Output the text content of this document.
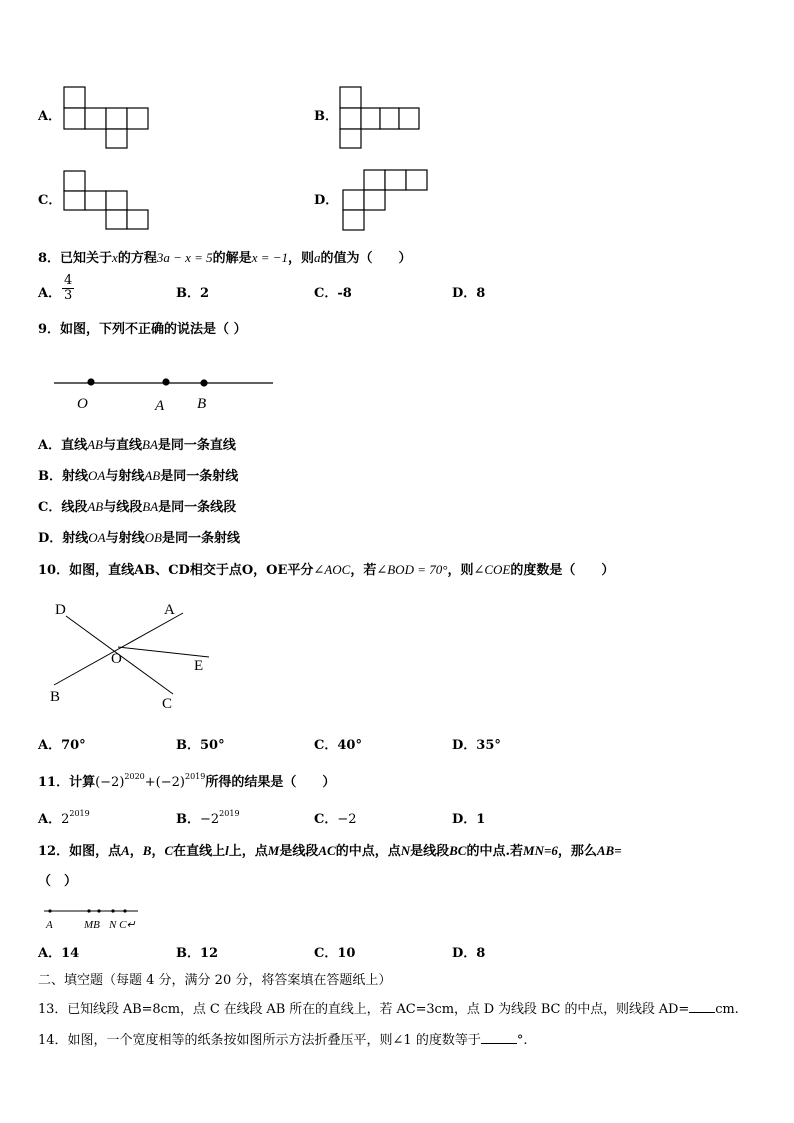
A．	B．
C．	D．
8．已知关于x的方程3a − x = 5的解是x = −1，则a的值为（　　）
A． $\frac{4}{3}$	B．2	C．-8	D．8
9．如图，下列不正确的说法是（ ）
O	A B
A．直线AB与直线BA是同一条直线
B．射线OA与射线AB是同一条射线
C．线段AB与线段BA是同一条线段
D．射线OA与射线OB是同一条射线
10．如图，直线AB、CD相交于点O，OE平分∠AOC，若∠BOD = 70°，则∠COE的度数是（　　）
D	A
O	E
B	C
A．70°	B．50°	C．40°	D．35°
11．计算$(-2)^{2020}+(-2)^{2019}$所得的结果是（　　）
A．$2^{2019}$	B．$-2^{2019}$	C．−2	D．1
12．如图，点A，B，C在直线上l上，点M是线段AC的中点，点N是线段BC的中点.若MN=6，那么AB=
（　）
A	MB N C↵
A．14	B．12	C．10	D．8
二、填空题（每题 4 分，满分 20 分，将答案填在答题纸上）
13．已知线段 AB=8cm，点 C 在线段 AB 所在的直线上，若 AC=3cm，点 D 为线段 BC 的中点，则线段 AD= cm.
14．如图，一个宽度相等的纸条按如图所示方法折叠压平，则∠1 的度数等于	°.
